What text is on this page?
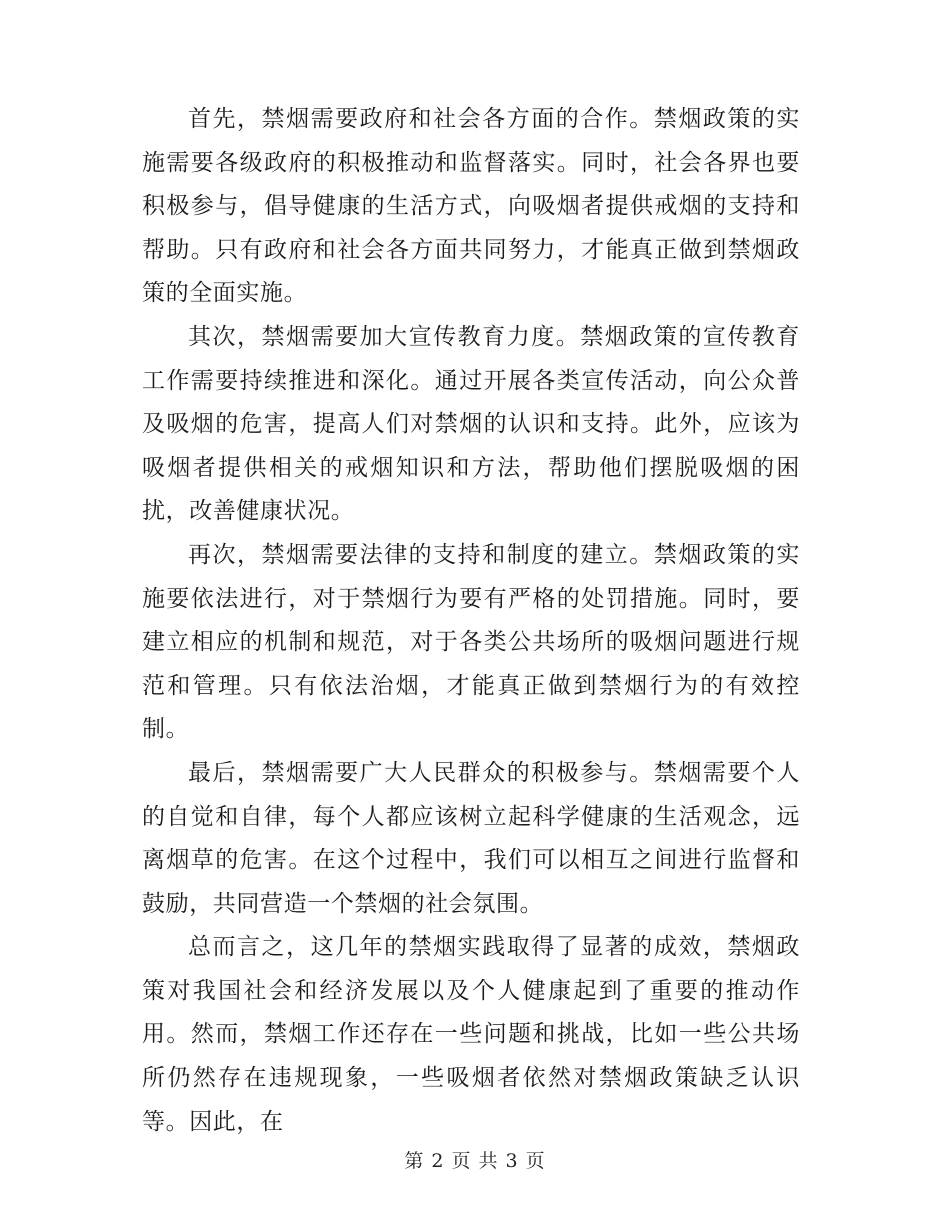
首先，禁烟需要政府和社会各方面的合作。禁烟政策的实施需要各级政府的积极推动和监督落实。同时，社会各界也要积极参与，倡导健康的生活方式，向吸烟者提供戒烟的支持和帮助。只有政府和社会各方面共同努力，才能真正做到禁烟政策的全面实施。

其次，禁烟需要加大宣传教育力度。禁烟政策的宣传教育工作需要持续推进和深化。通过开展各类宣传活动，向公众普及吸烟的危害，提高人们对禁烟的认识和支持。此外，应该为吸烟者提供相关的戒烟知识和方法，帮助他们摆脱吸烟的困扰，改善健康状况。

再次，禁烟需要法律的支持和制度的建立。禁烟政策的实施要依法进行，对于禁烟行为要有严格的处罚措施。同时，要建立相应的机制和规范，对于各类公共场所的吸烟问题进行规范和管理。只有依法治烟，才能真正做到禁烟行为的有效控制。

最后，禁烟需要广大人民群众的积极参与。禁烟需要个人的自觉和自律，每个人都应该树立起科学健康的生活观念，远离烟草的危害。在这个过程中，我们可以相互之间进行监督和鼓励，共同营造一个禁烟的社会氛围。

总而言之，这几年的禁烟实践取得了显著的成效，禁烟政策对我国社会和经济发展以及个人健康起到了重要的推动作用。然而，禁烟工作还存在一些问题和挑战，比如一些公共场所仍然存在违规现象，一些吸烟者依然对禁烟政策缺乏认识等。因此，在

第 2 页 共 3 页
